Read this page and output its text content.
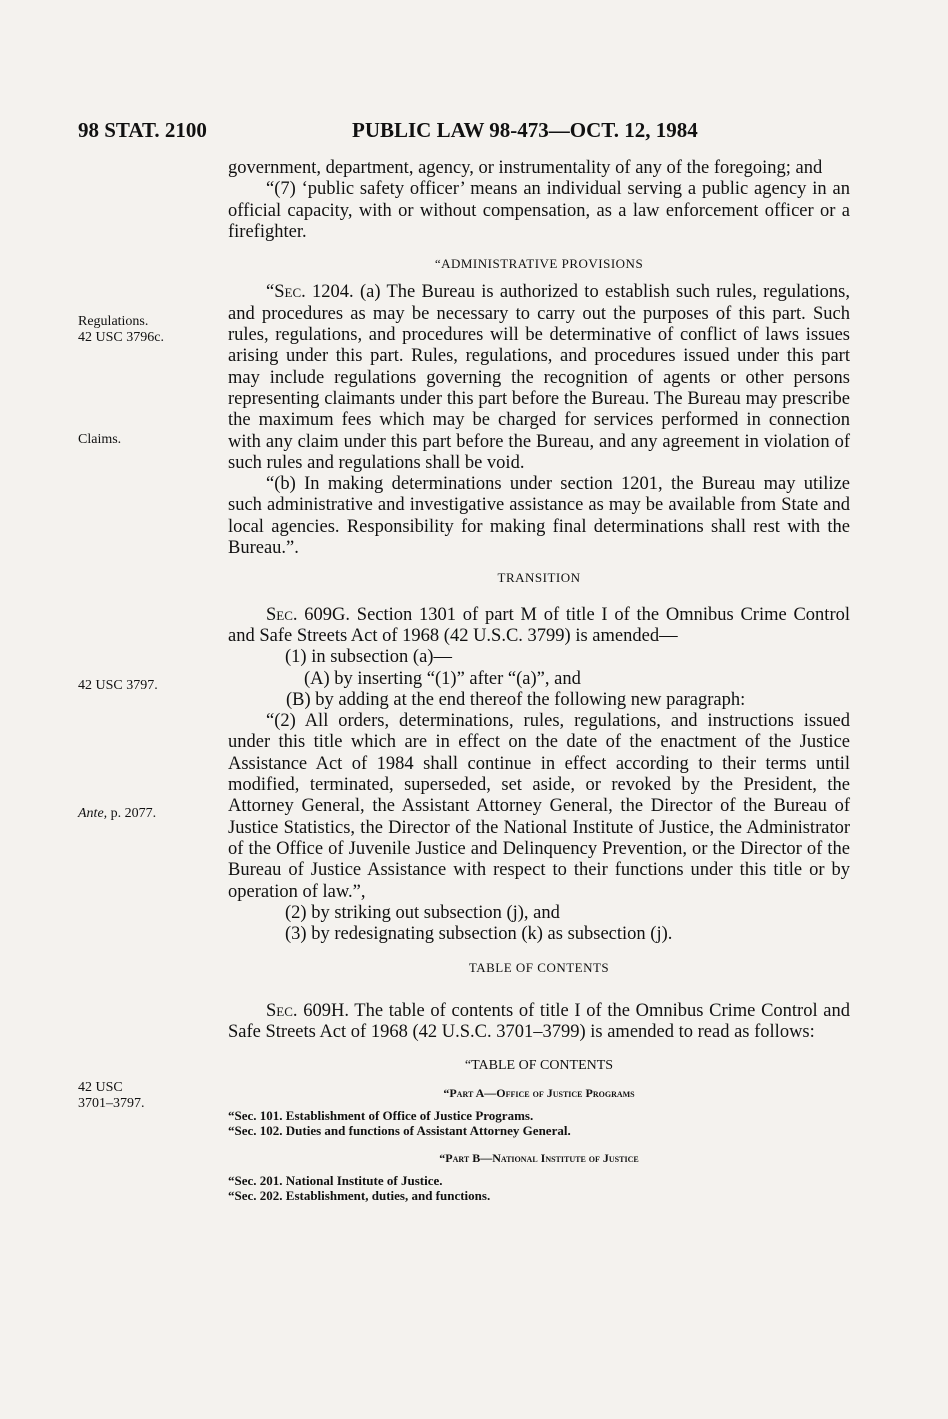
98 STAT. 2100	PUBLIC LAW 98-473—OCT. 12, 1984
Regulations.
42 USC 3796c.
Claims.
42 USC 3797.
Ante, p. 2077.
42 USC
3701–3797.

government, department, agency, or instrumentality of any of the foregoing; and

“(7) ‘public safety officer’ means an individual serving a public agency in an official capacity, with or without compensation, as a law enforcement officer or a firefighter.

“ADMINISTRATIVE PROVISIONS

“Sec. 1204. (a) The Bureau is authorized to establish such rules, regulations, and procedures as may be necessary to carry out the purposes of this part. Such rules, regulations, and procedures will be determinative of conflict of laws issues arising under this part. Rules, regulations, and procedures issued under this part may include regulations governing the recognition of agents or other persons representing claimants under this part before the Bureau. The Bureau may prescribe the maximum fees which may be charged for services performed in connection with any claim under this part before the Bureau, and any agreement in violation of such rules and regulations shall be void.

“(b) In making determinations under section 1201, the Bureau may utilize such administrative and investigative assistance as may be available from State and local agencies. Responsibility for making final determinations shall rest with the Bureau.”.

TRANSITION

Sec. 609G. Section 1301 of part M of title I of the Omnibus Crime Control and Safe Streets Act of 1968 (42 U.S.C. 3799) is amended—

(1) in subsection (a)—

(A) by inserting “(1)” after “(a)”, and

(B) by adding at the end thereof the following new paragraph:

“(2) All orders, determinations, rules, regulations, and instructions issued under this title which are in effect on the date of the enactment of the Justice Assistance Act of 1984 shall continue in effect according to their terms until modified, terminated, superseded, set aside, or revoked by the President, the Attorney General, the Assistant Attorney General, the Director of the Bureau of Justice Statistics, the Director of the National Institute of Justice, the Administrator of the Office of Juvenile Justice and Delinquency Prevention, or the Director of the Bureau of Justice Assistance with respect to their functions under this title or by operation of law.”,

(2) by striking out subsection (j), and

(3) by redesignating subsection (k) as subsection (j).

TABLE OF CONTENTS

Sec. 609H. The table of contents of title I of the Omnibus Crime Control and Safe Streets Act of 1968 (42 U.S.C. 3701–3799) is amended to read as follows:

“TABLE OF CONTENTS
“Part A—Office of Justice Programs
“Sec. 101. Establishment of Office of Justice Programs.
“Sec. 102. Duties and functions of Assistant Attorney General.
“Part B—National Institute of Justice
“Sec. 201. National Institute of Justice.
“Sec. 202. Establishment, duties, and functions.
